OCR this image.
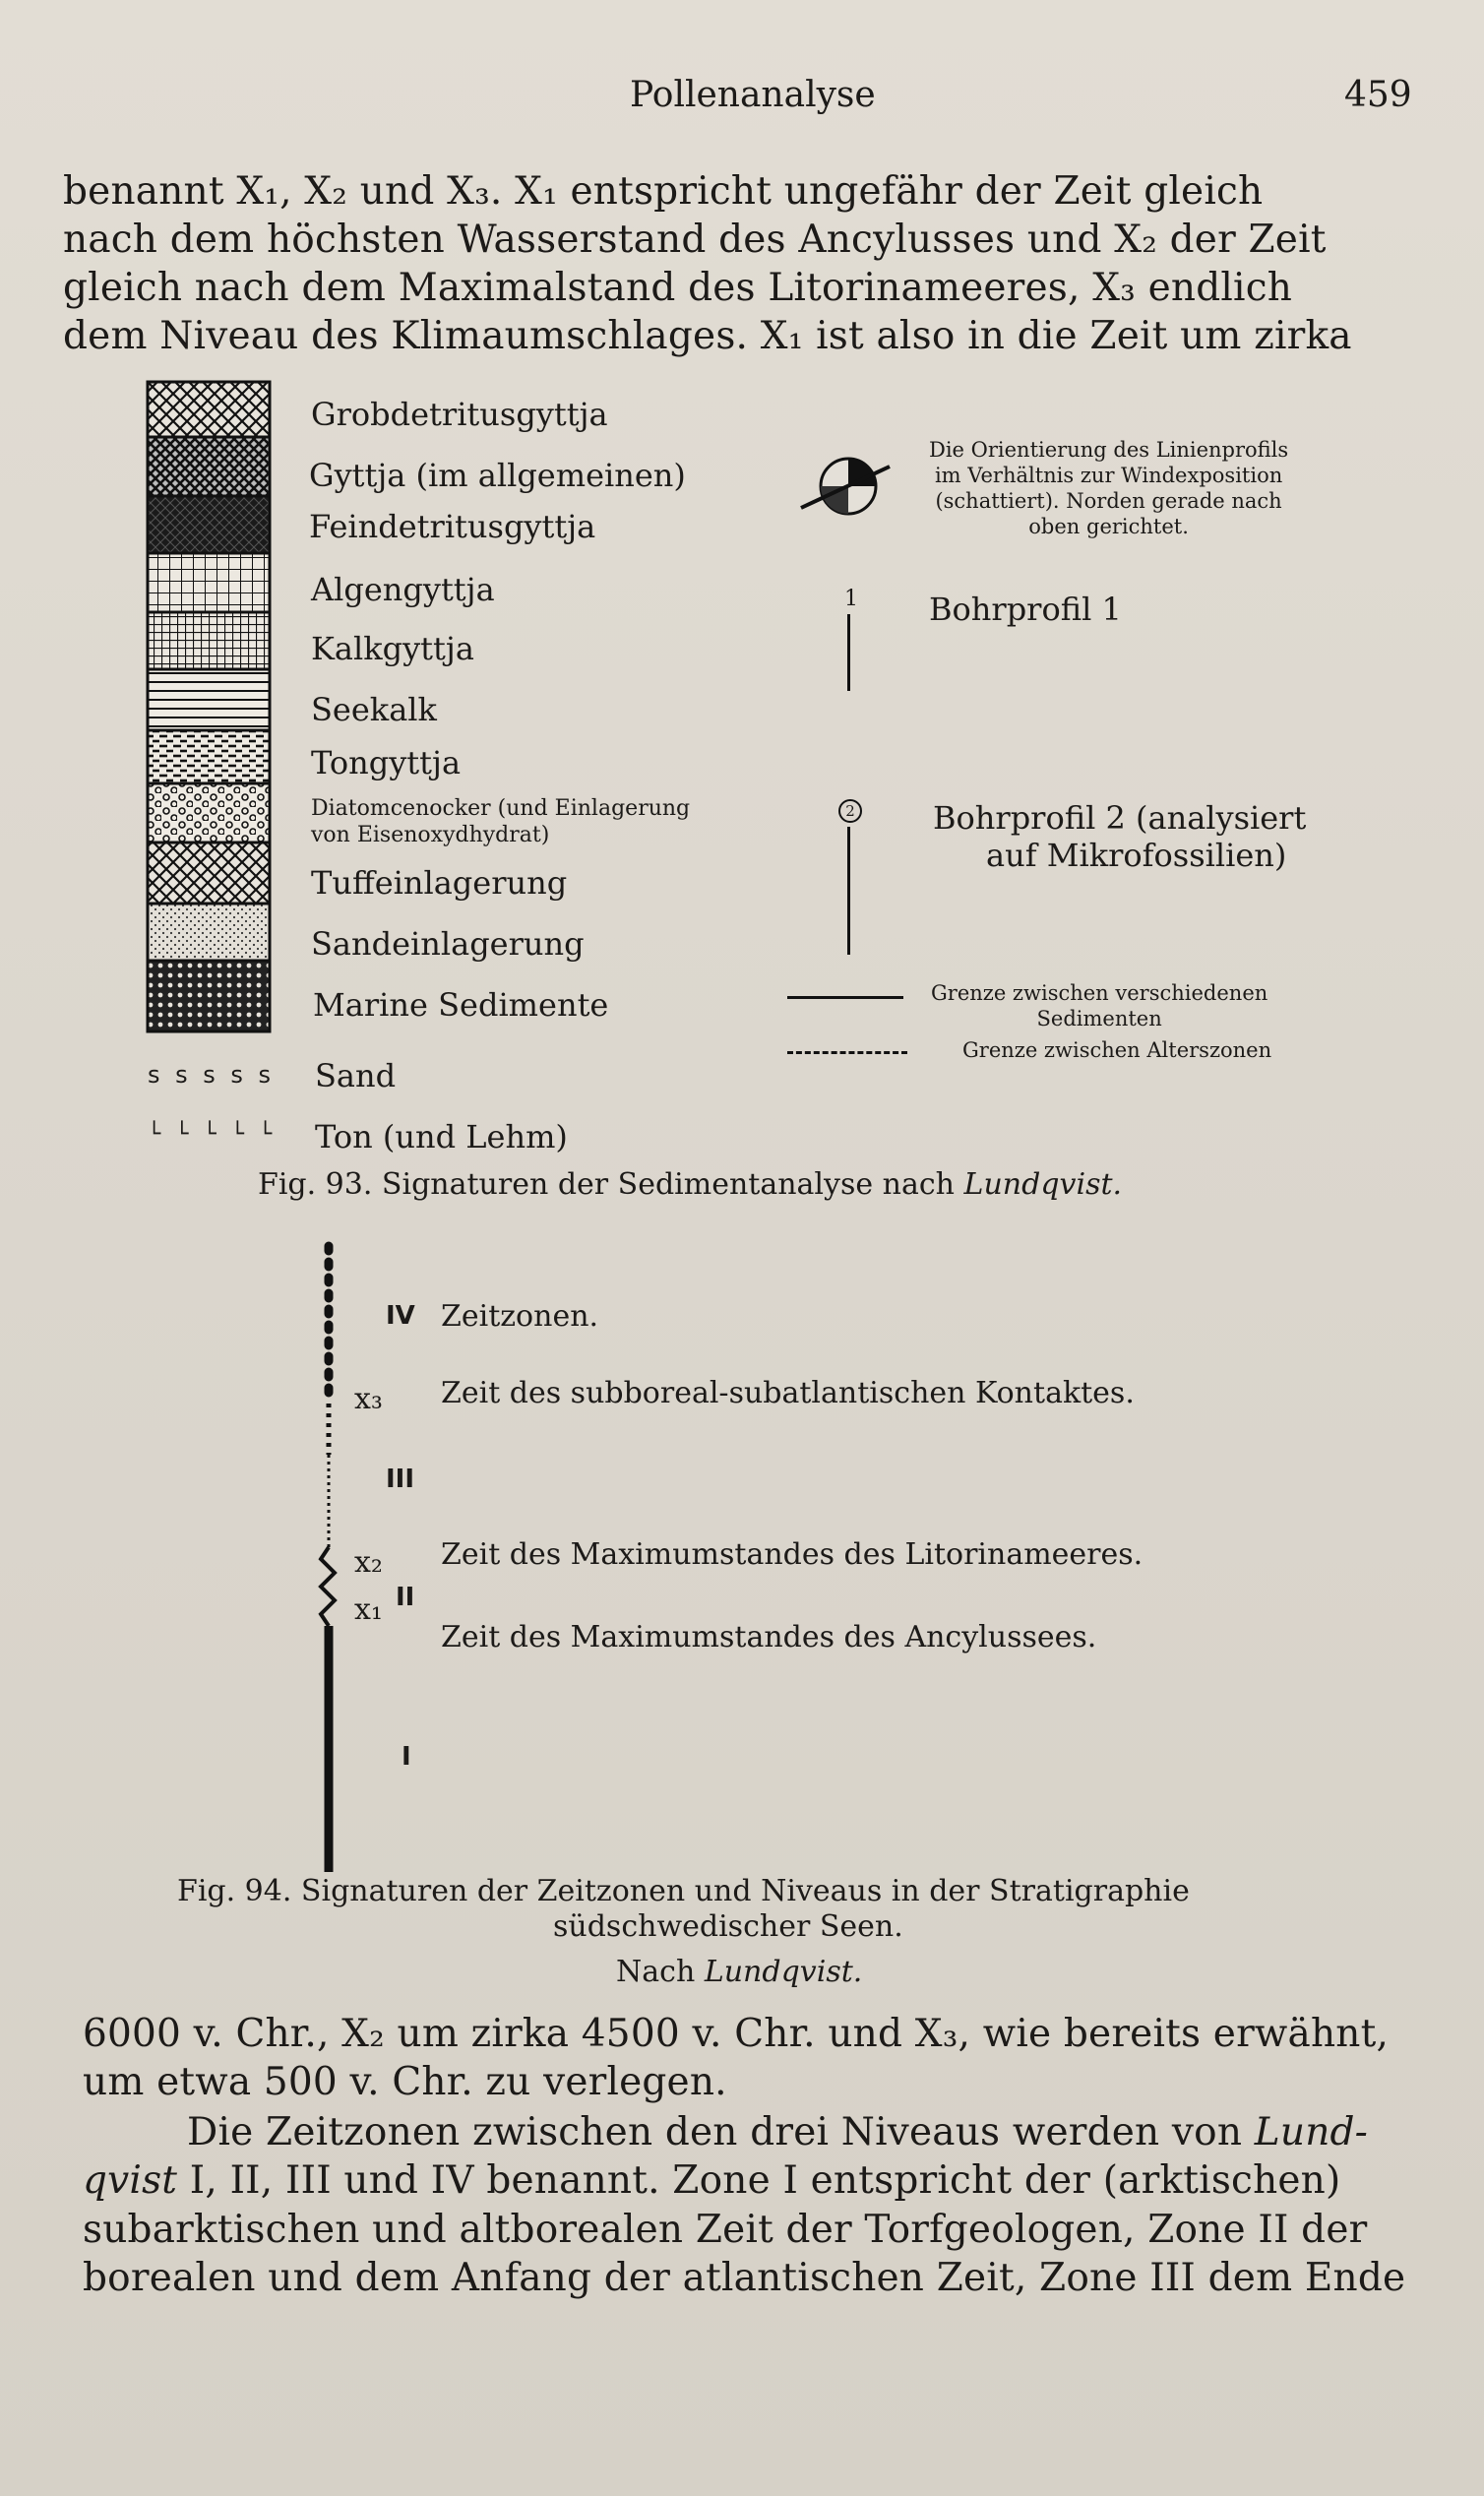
Pollenanalyse	459
benannt X₁, X₂ und X₃. X₁ entspricht ungefähr der Zeit gleich
nach dem höchsten Wasserstand des Ancylusses und X₂ der Zeit
gleich nach dem Maximalstand des Litorinameeres, X₃ endlich
dem Niveau des Klimaumschlages. X₁ ist also in die Zeit um zirka
Grobdetritusgyttja
Gyttja (im allgemeinen)
Feindetritusgyttja
Algengyttja
Kalkgyttja
Seekalk
Tongyttja
Diatomcenocker (und Einlagerung
von Eisenoxydhydrat)
Tuffeinlagerung
Sandeinlagerung
Marine Sedimente
s s s s s Sand
└ └ └ └ └ Ton (und Lehm)
Die Orientierung des Linienprofils
im Verhältnis zur Windexposition
(schattiert). Norden gerade nach
oben gerichtet.
1 Bohrprofil 1
2 Bohrprofil 2 (analysiert
auf Mikrofossilien)
Grenze zwischen verschiedenen
Sedimenten
Grenze zwischen Alterszonen
Fig. 93. Signaturen der Sedimentanalyse nach Lundqvist.
IV Zeitzonen.
x₃ Zeit des subboreal-subatlantischen Kontaktes.
III
x₂ Zeit des Maximumstandes des Litorinameeres.
II
x₁
Zeit des Maximumstandes des Ancylussees.
I
Fig. 94. Signaturen der Zeitzonen und Niveaus in der Stratigraphie
südschwedischer Seen.
Nach Lundqvist.
6000 v. Chr., X₂ um zirka 4500 v. Chr. und X₃, wie bereits erwähnt,
um etwa 500 v. Chr. zu verlegen.
Die Zeitzonen zwischen den drei Niveaus werden von Lund-
qvist I, II, III und IV benannt. Zone I entspricht der (arktischen)
subarktischen und altborealen Zeit der Torfgeologen, Zone II der
borealen und dem Anfang der atlantischen Zeit, Zone III dem Ende
